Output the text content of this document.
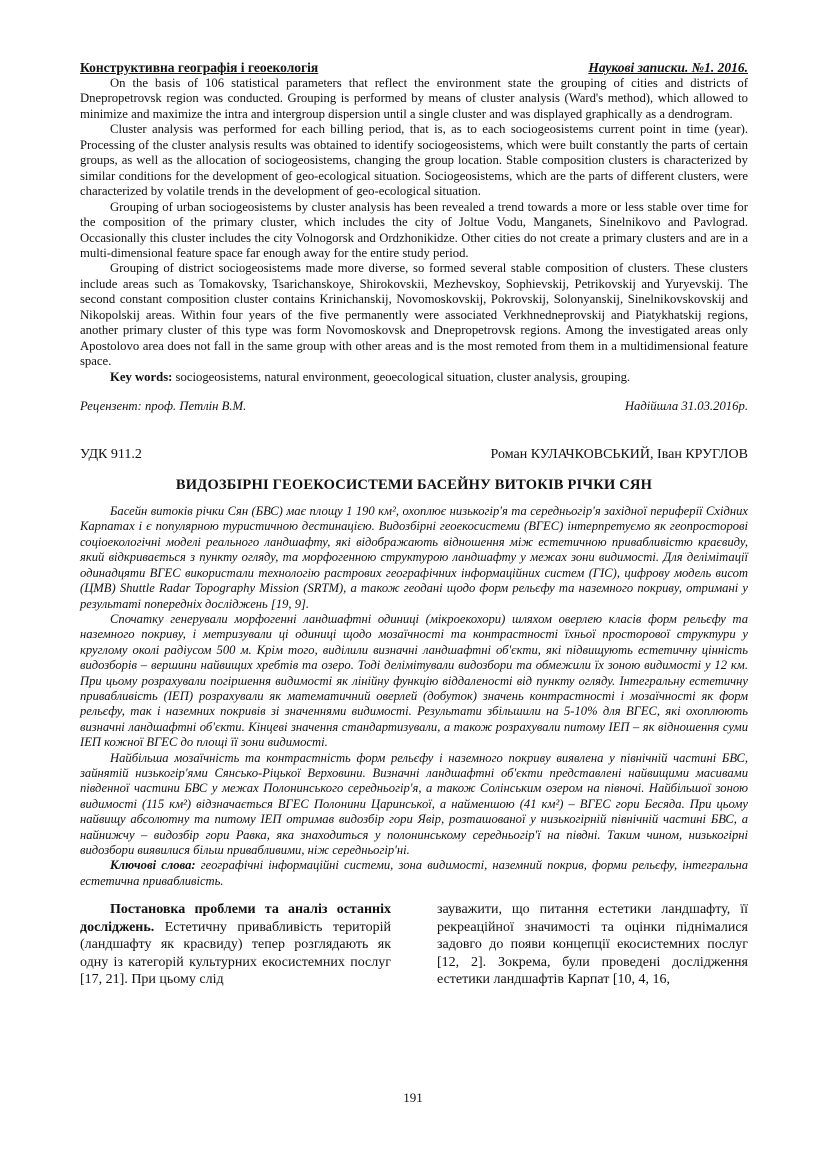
Конструктивна географія і геоекологія	Наукові записки. №1. 2016.

On the basis of 106 statistical parameters that reflect the environment state the grouping of cities and districts of Dnepropetrovsk region was conducted. Grouping is performed by means of cluster analysis (Ward's method), which allowed to minimize and maximize the intra and intergroup dispersion until a single cluster and was displayed graphically as a dendrogram.

Cluster analysis was performed for each billing period, that is, as to each sociogeosistems current point in time (year). Processing of the cluster analysis results was obtained to identify sociogeosistems, which were built constantly the parts of certain groups, as well as the allocation of sociogeosistems, changing the group location. Stable composition clusters is characterized by similar conditions for the development of geo-ecological situation. Sociogeosistems, which are the parts of different clusters, were characterized by volatile trends in the development of geo-ecological situation.

Grouping of urban sociogeosistems by cluster analysis has been revealed a trend towards a more or less stable over time for the composition of the primary cluster, which includes the city of Joltue Vodu, Manganets, Sinelnikovo and Pavlograd. Occasionally this cluster includes the city Volnogorsk and Ordzhonikidze. Other cities do not create a primary clusters and are in a multi-dimensional feature space far enough away for the entire study period.

Grouping of district sociogeosistems made more diverse, so formed several stable composition of clusters. These clusters include areas such as Tomakovsky, Tsarichanskoye, Shirokovskii, Mezhevskoy, Sophievskij, Petrikovskij and Yuryevskij. The second constant composition cluster contains Krinichanskij, Novomoskovskij, Pokrovskij, Solonyanskij, Sinelnikovskovskij and Nikopolskij areas. Within four years of the five permanently were associated Verkhnedneprovskij and Piatykhatskij regions, another primary cluster of this type was form Novomoskovsk and Dnepropetrovsk regions. Among the investigated areas only Apostolovo area does not fall in the same group with other areas and is the most remoted from them in a multidimensional feature space.

Key words: sociogeosistems, natural environment, geoecological situation, cluster analysis, grouping.

Рецензент: проф. Петлін В.М.	Надійшла 31.03.2016р.
УДК 911.2	Роман КУЛАЧКОВСЬКИЙ, Іван КРУГЛОВ
ВИДОЗБІРНІ ГЕОЕКОСИСТЕМИ БАСЕЙНУ ВИТОКІВ РІЧКИ СЯН

Басейн витоків річки Сян (БВС) має площу 1 190 км², охоплює низькогір'я та середньогір'я західної периферії Східних Карпатах і є популярною туристичною дестинацією. Видозбірні геоекосистеми (ВГЕС) інтерпретуємо як геопросторові соціоекологічні моделі реального ландшафту, які відображають відношення між естетичною привабливістю краєвиду, який відкривається з пункту огляду, та морфогенною структурою ландшафту у межах зони видимості. Для делімітації одинадцяти ВГЕС використали технологію растрових географічних інформаційних систем (ГІС), цифрову модель висот (ЦМВ) Shuttle Radar Topography Mission (SRTM), а також геодані щодо форм рельєфу та наземного покриву, отримані у результаті попередніх досліджень [19, 9].

Спочатку генерували морфогенні ландшафтні одиниці (мікроекохори) шляхом оверлею класів форм рельєфу та наземного покриву, і метризували ці одиниці щодо мозаїчності та контрастності їхньої просторової структури у круглому околі радіусом 500 м. Крім того, виділили визначні ландшафтні об'єкти, які підвищують естетичну цінність видозборів – вершини найвищих хребтів та озеро. Тоді делімітували видозбори та обмежили їх зоною видимості у 12 км. При цьому розрахували погіршення видимості як лінійну функцію віддаленості від пункту огляду. Інтегральну естетичну привабливість (ІЕП) розрахували як математичний оверлей (добуток) значень контрастності і мозаїчності як форм рельєфу, так і наземних покривів зі значеннями видимості. Результати збільшили на 5-10% для ВГЕС, які охоплюють визначні ландшафтні об'єкти. Кінцеві значення стандартизували, а також розрахували питому ІЕП – як відношення суми ІЕП кожної ВГЕС до площі її зони видимості.

Найбільша мозаїчність та контрастність форм рельєфу і наземного покриву виявлена у північній частині БВС, зайнятій низькогір'ями Сянсько-Ріцької Верховини. Визначні ландшафтні об'єкти представлені найвищими масивами південної частини БВС у межах Полонинського середньогір'я, а також Солінським озером на півночі. Найбільшої зоною видимості (115 км²) відзначається ВГЕС Полонини Царинської, а найменшою (41 км²) – ВГЕС гори Бесяда. При цьому найвищу абсолютну та питому ІЕП отримав видозбір гори Явір, розташованої у низькогірній північній частині БВС, а найнижчу – видозбір гори Равка, яка знаходиться у полонинському середньогір'ї на півдні. Таким чином, низькогірні видозбори виявилися більш привабливими, ніж середньогір'ні.

Ключові слова: географічні інформаційні системи, зона видимості, наземний покрив, форми рельєфу, інтегральна естетична привабливість.

Постановка проблеми та аналіз останніх досліджень. Естетичну привабливість територій (ландшафту як красвиду) тепер розглядають як одну із категорій культурних екосистемних послуг [17, 21]. При цьому слід

зауважити, що питання естетики ландшафту, її рекреаційної значимості та оцінки піднімалися задовго до появи концепції екосистемних послуг [12, 2]. Зокрема, були проведені дослідження естетики ландшафтів Карпат [10, 4, 16,

191
